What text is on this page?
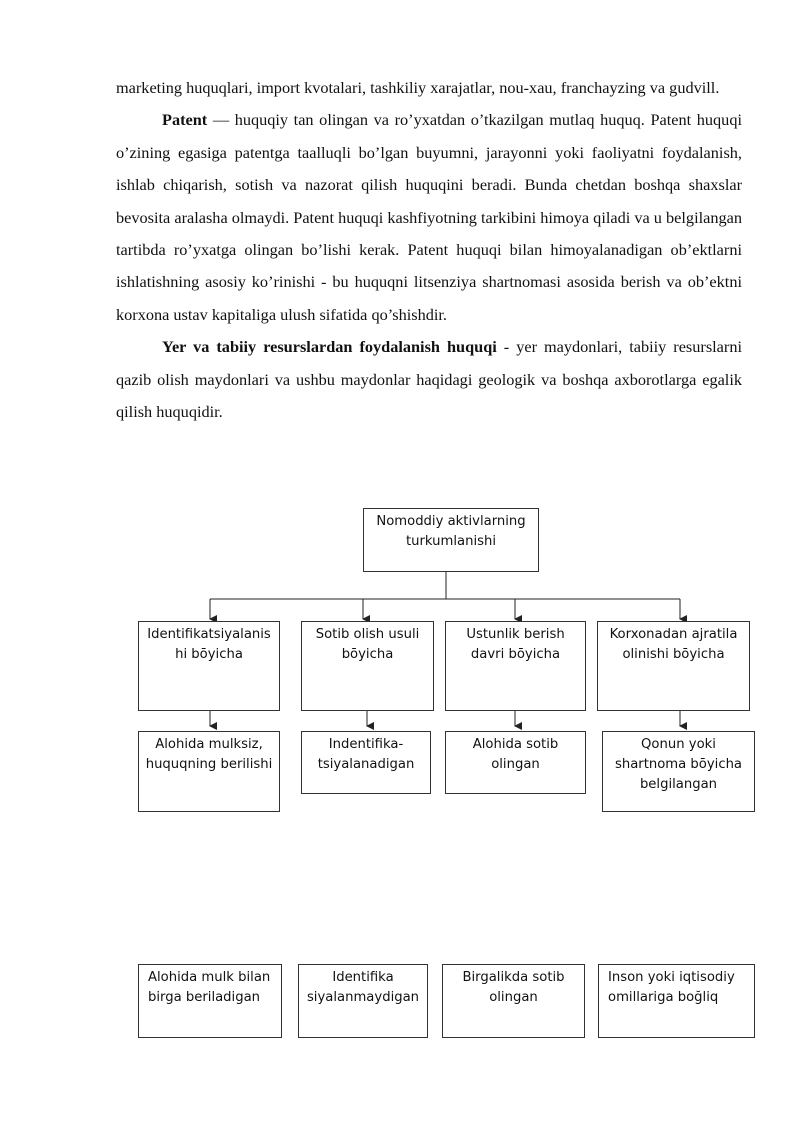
marketing huquqlari, import kvotalari, tashkiliy xarajatlar, nou-xau, franchayzing va gudvill.

Patent — huquqiy tan olingan va ro’yxatdan o’tkazilgan mutlaq huquq. Patent huquqi o’zining egasiga patentga taalluqli bo’lgan buyumni, jarayonni yoki faoliyatni foydalanish, ishlab chiqarish, sotish va nazorat qilish huquqini beradi. Bunda chetdan boshqa shaxslar bevosita aralasha olmaydi. Patent huquqi kashfiyotning tarkibini himoya qiladi va u belgilangan tartibda ro’yxatga olingan bo’lishi kerak. Patent huquqi bilan himoyalanadigan ob’ektlarni ishlatishning asosiy ko’rinishi - bu huquqni litsenziya shartnomasi asosida berish va ob’ektni korxona ustav kapitaliga ulush sifatida qo’shishdir.

Yer va tabiiy resurslardan foydalanish huquqi - yer maydonlari, tabiiy resurslarni qazib olish maydonlari va ushbu maydonlar haqidagi geologik va boshqa axborotlarga egalik qilish huquqidir.

Nomoddiy aktivlarning turkumlanishi
Identifikatsiyalanis hi bōyicha
Sotib olish usuli bōyicha
Ustunlik berish davri bōyicha
Korxonadan ajratila olinishi bōyicha
Alohida mulksiz, huquqning berilishi
Indentifika-tsiyalanadigan
Alohida sotib olingan
Qonun yoki shartnoma bōyicha belgilangan
Alohida mulk bilan birga beriladigan
Identifika siyalanmaydigan
Birgalikda sotib olingan
Inson yoki iqtisodiy omillariga boğliq
